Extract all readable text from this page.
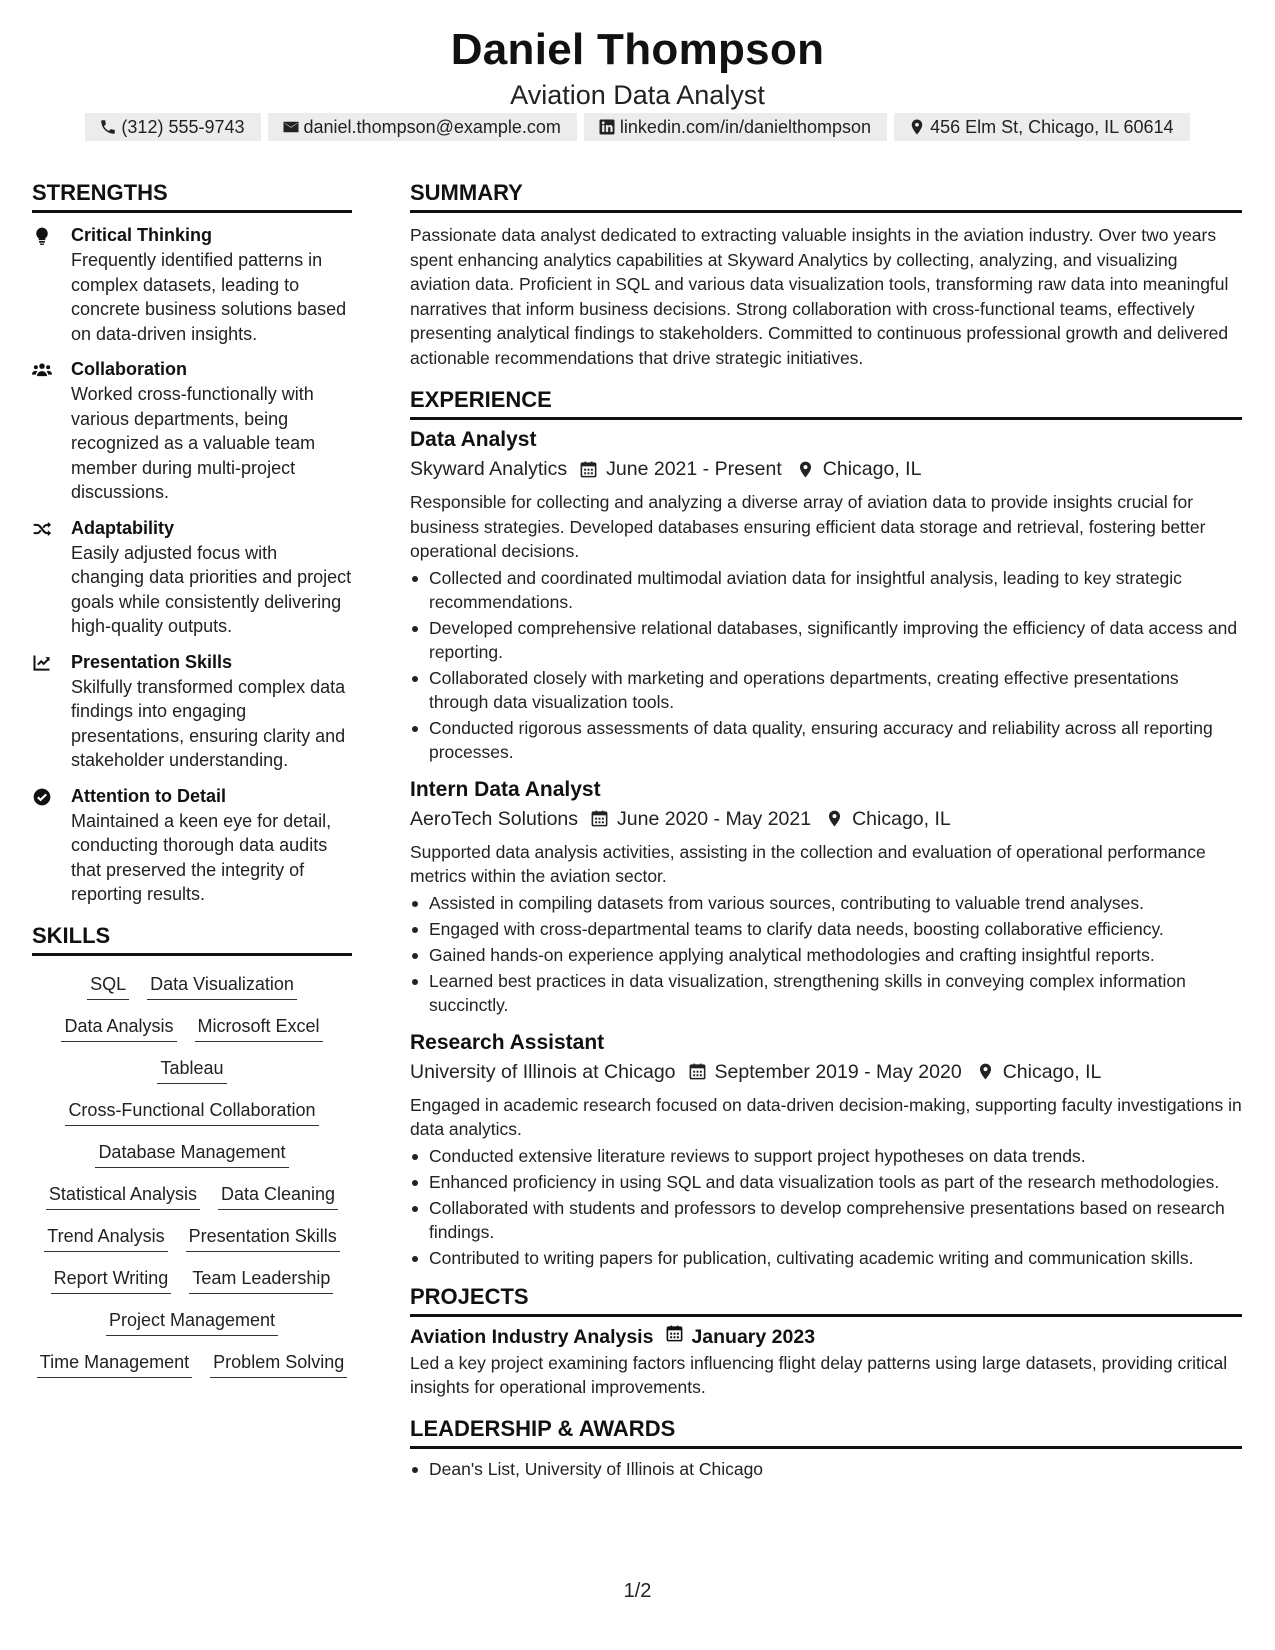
Daniel Thompson
Aviation Data Analyst
(312) 555-9743	daniel.thompson@example.com	linkedin.com/in/danielthompson	456 Elm St, Chicago, IL 60614
STRENGTHS
Critical Thinking
Frequently identified patterns in complex datasets, leading to concrete business solutions based on data-driven insights.
Collaboration
Worked cross-functionally with various departments, being recognized as a valuable team member during multi-project discussions.
Adaptability
Easily adjusted focus with changing data priorities and project goals while consistently delivering high-quality outputs.
Presentation Skills
Skilfully transformed complex data findings into engaging presentations, ensuring clarity and stakeholder understanding.
Attention to Detail
Maintained a keen eye for detail, conducting thorough data audits that preserved the integrity of reporting results.
SKILLS
SQL Data Visualization
Data Analysis Microsoft Excel
Tableau
Cross-Functional Collaboration
Database Management
Statistical Analysis Data Cleaning
Trend Analysis Presentation Skills
Report Writing Team Leadership
Project Management
Time Management Problem Solving
SUMMARY
Passionate data analyst dedicated to extracting valuable insights in the aviation industry. Over two years spent enhancing analytics capabilities at Skyward Analytics by collecting, analyzing, and visualizing aviation data. Proficient in SQL and various data visualization tools, transforming raw data into meaningful narratives that inform business decisions. Strong collaboration with cross-functional teams, effectively presenting analytical findings to stakeholders. Committed to continuous professional growth and delivered actionable recommendations that drive strategic initiatives.
EXPERIENCE
Data Analyst
Skyward Analytics June 2021 - Present Chicago, IL
Responsible for collecting and analyzing a diverse array of aviation data to provide insights crucial for business strategies. Developed databases ensuring efficient data storage and retrieval, fostering better operational decisions.
Collected and coordinated multimodal aviation data for insightful analysis, leading to key strategic recommendations.
Developed comprehensive relational databases, significantly improving the efficiency of data access and reporting.
Collaborated closely with marketing and operations departments, creating effective presentations through data visualization tools.
Conducted rigorous assessments of data quality, ensuring accuracy and reliability across all reporting processes.
Intern Data Analyst
AeroTech Solutions June 2020 - May 2021 Chicago, IL
Supported data analysis activities, assisting in the collection and evaluation of operational performance metrics within the aviation sector.
Assisted in compiling datasets from various sources, contributing to valuable trend analyses.
Engaged with cross-departmental teams to clarify data needs, boosting collaborative efficiency.
Gained hands-on experience applying analytical methodologies and crafting insightful reports.
Learned best practices in data visualization, strengthening skills in conveying complex information succinctly.
Research Assistant
University of Illinois at Chicago September 2019 - May 2020 Chicago, IL
Engaged in academic research focused on data-driven decision-making, supporting faculty investigations in data analytics.
Conducted extensive literature reviews to support project hypotheses on data trends.
Enhanced proficiency in using SQL and data visualization tools as part of the research methodologies.
Collaborated with students and professors to develop comprehensive presentations based on research findings.
Contributed to writing papers for publication, cultivating academic writing and communication skills.
PROJECTS
Aviation Industry Analysis January 2023
Led a key project examining factors influencing flight delay patterns using large datasets, providing critical insights for operational improvements.
LEADERSHIP & AWARDS
Dean's List, University of Illinois at Chicago
1/2
